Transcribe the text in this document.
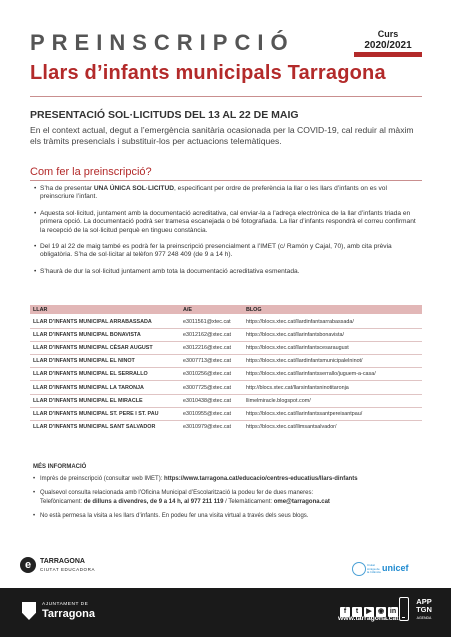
PREINSCRIPCIÓ	Curs
2020/2021
Llars d’infants municipals Tarragona
PRESENTACIÓ SOL·LICITUDS DEL 13 AL 22 DE MAIG
En el context actual, degut a l’emergència sanitària ocasionada per la COVID-19, cal reduir al màxim els tràmits presencials i substituir-los per actuacions telemàtiques.
Com fer la preinscripció?
• S’ha de presentar UNA ÚNICA SOL·LICITUD, especificant per ordre de preferència la llar o les llars d’infants on es vol preinscriure l’infant.
• Aquesta sol·licitud, juntament amb la documentació acreditativa, cal enviar-la a l’adreça electrònica de la llar d’infants triada en primera opció. La documentació podrà ser tramesa escanejada o bé fotografiada. La llar d’infants respondrà el correu confirmant la recepció de la sol·licitud perquè en tingueu constància.
• Del 19 al 22 de maig també es podrà fer la preinscripció presencialment a l’IMET (c/ Ramón y Cajal, 70), amb cita prèvia obligatòria. S’ha de sol·licitar al telèfon 977 248 409 (de 9 a 14 h).
• S’haurà de dur la sol·licitud juntament amb tota la documentació acreditativa esmentada.
LLAR	A/E	BLOG
LLAR D’INFANTS MUNICIPAL ARRABASSADA	e3011561@xtec.cat	https://blocs.xtec.cat/llardinfantsarrabassada/
LLAR D’INFANTS MUNICIPAL BONAVISTA	e3012162@xtec.cat	https://blocs.xtec.cat/llarinfantsbonavista/
LLAR D’INFANTS MUNICIPAL CÈSAR AUGUST	e3012216@xtec.cat	https://blocs.xtec.cat/llarinfantscesaraugust
LLAR D’INFANTS MUNICIPAL EL NINOT	e3007713@xtec.cat	https://blocs.xtec.cat/llardinfantsmunicipalelninot/
LLAR D’INFANTS MUNICIPAL EL SERRALLO	e3010256@xtec.cat	https://blocs.xtec.cat/llarinfantsserrallo/juguem-a-casa/
LLAR D’INFANTS MUNICIPAL LA TARONJA	e3007725@xtec.cat	http://blocs.xtec.cat/llarsinfantsninotitaronja
LLAR D’INFANTS MUNICIPAL EL MIRACLE	e3010438@xtec.cat	llimelmiracle.blogspot.com/
LLAR D’INFANTS MUNICIPAL ST. PERE I ST. PAU	e3010955@xtec.cat	https://blocs.xtec.cat/llarinfantssantpereisantpau/
LLAR D’INFANTS MUNICIPAL SANT SALVADOR	e3010979@xtec.cat	https://blocs.xtec.cat/llimsantsalvador/
MÉS INFORMACIÓ
• Imprès de preinscripció (consultar web IMET): https://www.tarragona.cat/educacio/centres-educatius/llars-dinfants
• Qualsevol consulta relacionada amb l’Oficina Municipal d’Escolarització la podeu fer de dues maneres:
Telefònicament: de dilluns a divendres, de 9 a 14 h, al 977 211 119 / Telemàticament: ome@tarragona.cat
• No està permesa la visita a les llars d’infants. En podeu fer una visita virtual a través dels seus blogs.
e	TARRAGONA
CIUTAT EDUCADORA
Ciutat Amiga de la Infància unicef
AJUNTAMENT DE
Tarragona	f t ▶ ◉ in
www.tarragona.cat
APP
TGN
AGENDA
